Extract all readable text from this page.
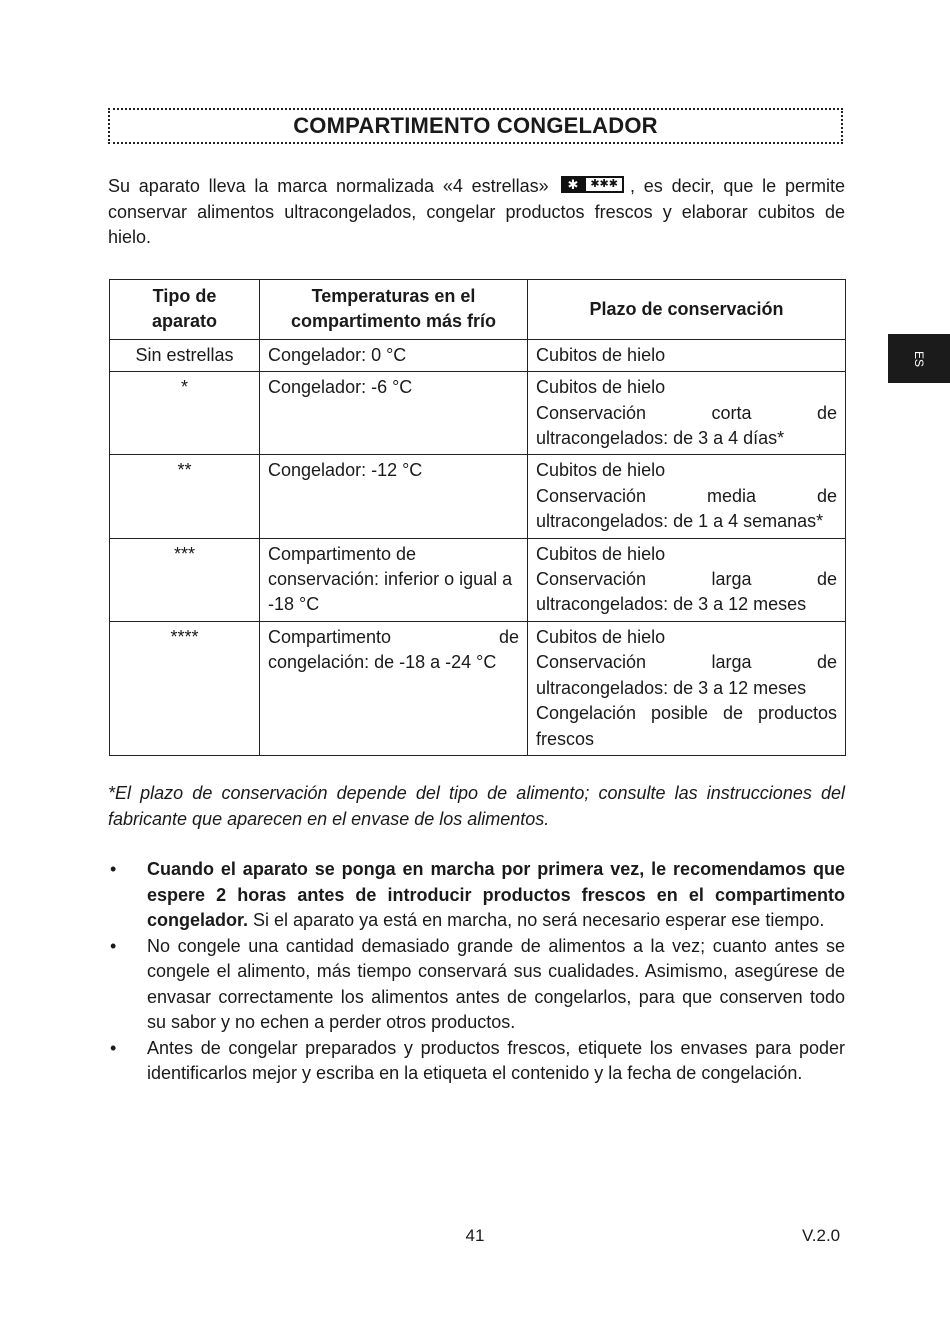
COMPARTIMENTO CONGELADOR
Su aparato lleva la marca normalizada «4 estrellas»	✱	✱✱✱ , es decir, que le permite conservar alimentos ultracongelados, congelar productos frescos y elaborar cubitos de hielo.
ES
Tipo de aparato	Temperaturas en el compartimento más frío	Plazo de conservación
Sin estrellas	Congelador: 0 °C	Cubitos de hielo

*	Congelador: -6 °C	Cubitos de hielo
Conservación corta de
ultracongelados: de 3 a 4 días*

**	Congelador: -12 °C	Cubitos de hielo
Conservación media de
ultracongelados: de 1 a 4 semanas*

***	Compartimento de conservación: inferior o igual a -18 °C	Cubitos de hielo
Conservación larga de
ultracongelados: de 3 a 12 meses

****	Compartimento de congelación: de -18 a -24 °C	Cubitos de hielo
Conservación larga de
ultracongelados: de 3 a 12 meses
Congelación posible de productos frescos
*El plazo de conservación depende del tipo de alimento; consulte las instrucciones del fabricante que aparecen en el envase de los alimentos.
• Cuando el aparato se ponga en marcha por primera vez, le recomendamos que espere 2 horas antes de introducir productos frescos en el compartimento congelador. Si el aparato ya está en marcha, no será necesario esperar ese tiempo.
• No congele una cantidad demasiado grande de alimentos a la vez; cuanto antes se congele el alimento, más tiempo conservará sus cualidades. Asimismo, asegúrese de envasar correctamente los alimentos antes de congelarlos, para que conserven todo su sabor y no echen a perder otros productos.
• Antes de congelar preparados y productos frescos, etiquete los envases para poder identificarlos mejor y escriba en la etiqueta el contenido y la fecha de congelación.
41	V.2.0
